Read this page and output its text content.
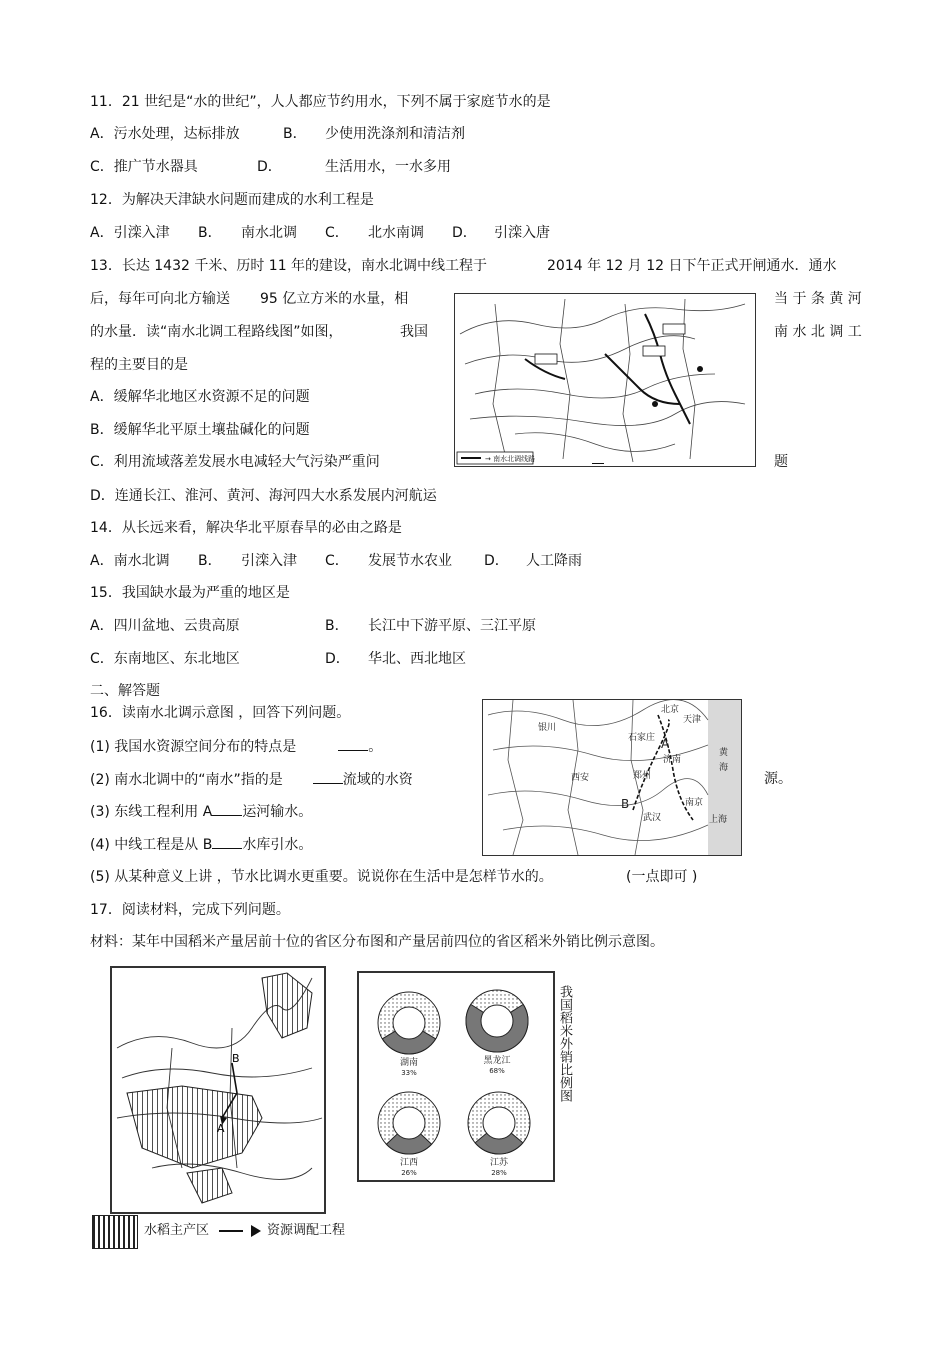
11．21 世纪是“水的世纪”，人人都应节约用水，下列不属于家庭节水的是
A．污水处理，达标排放	B． 少使用洗涤剂和清洁剂
C．推广节水器具	D．	生活用水，一水多用
12．为解决天津缺水问题而建成的水利工程是
A．引滦入津 B． 南水北调 C． 北水南调 D． 引滦入唐
13．长达 1432 千米、历时 11 年的建设，南水北调中线工程于	2014 年 12 月 12 日下午正式开闸通水．通水
后，每年可向北方输送 95 亿立方米的水量，相	当 于 条 黄 河
的水量．读“南水北调工程路线图”如图，	我国	南 水 北 调 工
程的主要目的是
A．缓解华北地区水资源不足的问题
B．缓解华北平原土壤盐碱化的问题
C．利用流域落差发展水电减轻大气污染严重问	题
D．连通长江、淮河、黄河、海河四大水系发展内河航运
→ 南水北调线路
14．从长远来看，解决华北平原春旱的必由之路是
A．南水北调 B． 引滦入津 C． 发展节水农业 D． 人工降雨
15．我国缺水最为严重的地区是
A．四川盆地、云贵高原	B． 长江中下游平原、三江平原
C．东南地区、东北地区	D． 华北、西北地区
二、解答题
16．读南水北调示意图 ，回答下列问题。
(1) 我国水资源空间分布的特点是	。
(2) 南水北调中的“南水”指的是	流域的水资	源。
(3) 东线工程利用 A 运河输水。
(4) 中线工程是从 B 水库引水。
(5) 从某种意义上讲 ，节水比调水更重要。说说你在生活中是怎样节水的。	(一点即可 )
北京
天津
石家庄
银川
郑州
济南
南京
武汉	上海
西安
黄
海
A
B
17．阅读材料，完成下列问题。
材料：某年中国稻米产量居前十位的省区分布图和产量居前四位的省区稻米外销比例示意图。
B
A
水稻主产区	资源调配工程
湖南
33%
黑龙江
68%
江西
26%
江苏
28%
我国稻米外销比例图
